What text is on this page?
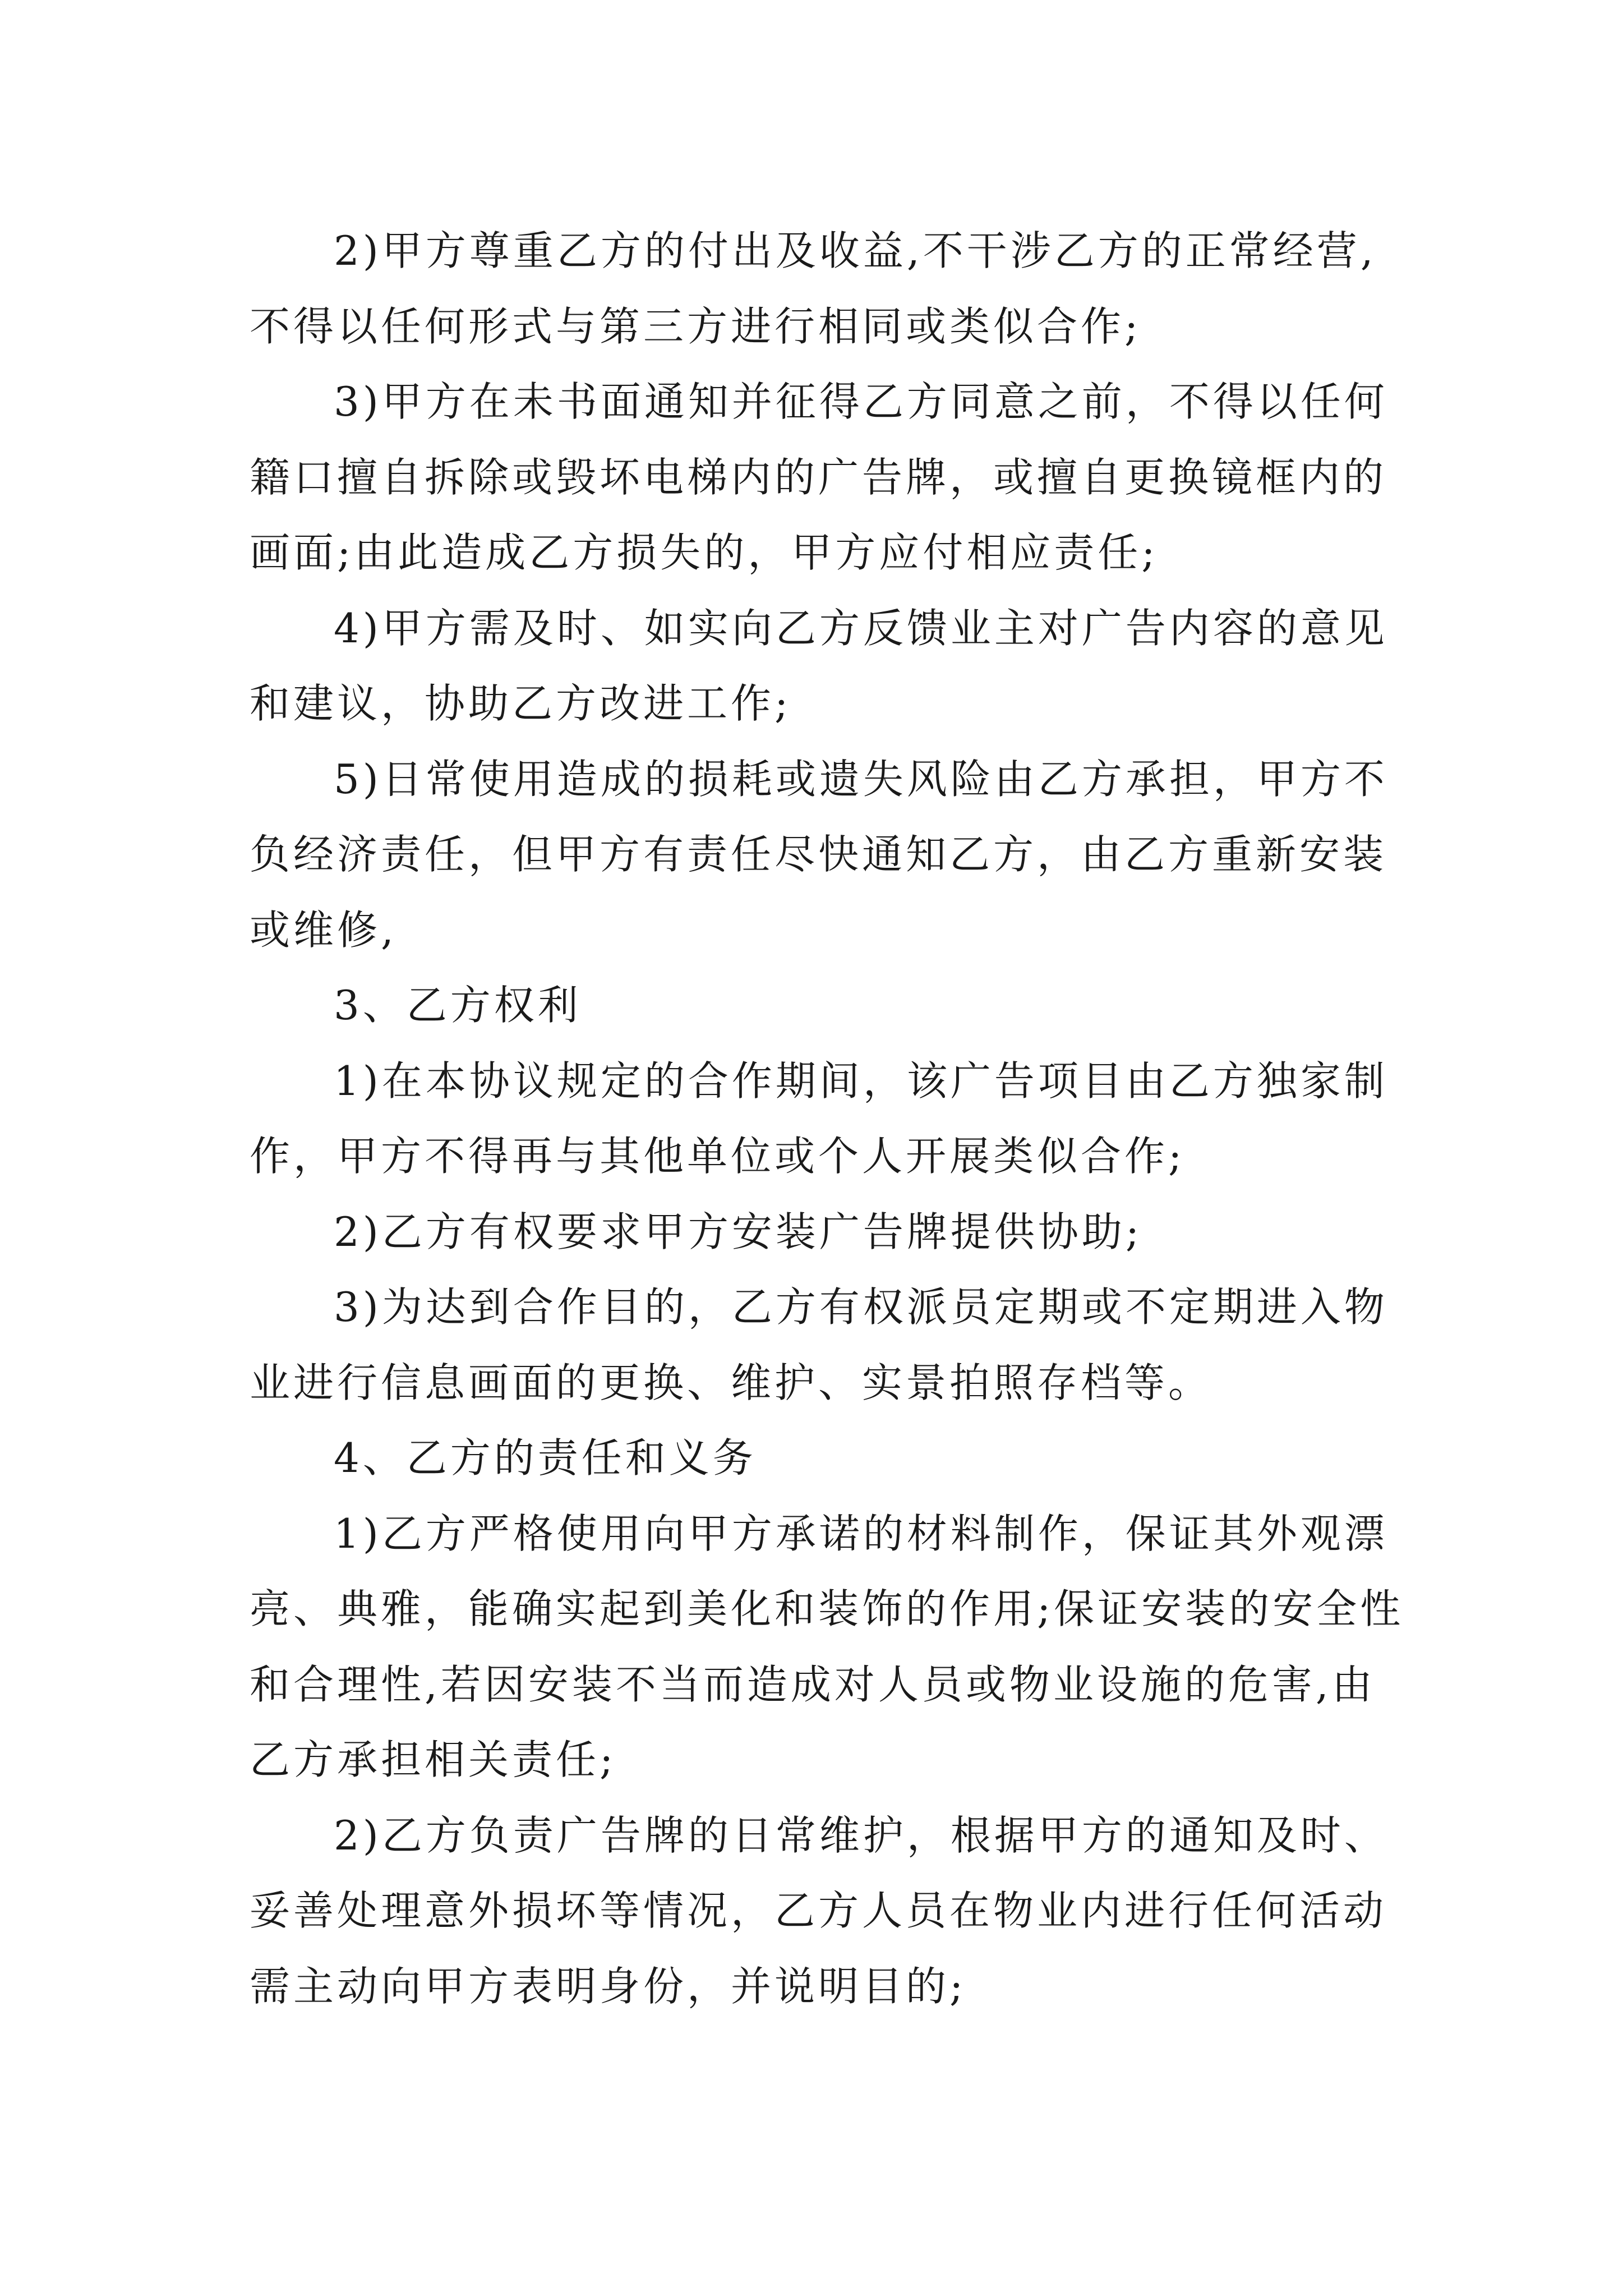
2)甲方尊重乙方的付出及收益,不干涉乙方的正常经营,不得以任何形式与第三方进行相同或类似合作;

3)甲方在未书面通知并征得乙方同意之前，不得以任何籍口擅自拆除或毁坏电梯内的广告牌，或擅自更换镜框内的画面;由此造成乙方损失的，甲方应付相应责任;

4)甲方需及时、如实向乙方反馈业主对广告内容的意见和建议，协助乙方改进工作;

5)日常使用造成的损耗或遗失风险由乙方承担，甲方不负经济责任，但甲方有责任尽快通知乙方，由乙方重新安装或维修,

3、乙方权利

1)在本协议规定的合作期间，该广告项目由乙方独家制作，甲方不得再与其他单位或个人开展类似合作;

2)乙方有权要求甲方安装广告牌提供协助;

3)为达到合作目的，乙方有权派员定期或不定期进入物业进行信息画面的更换、维护、实景拍照存档等。

4、乙方的责任和义务

1)乙方严格使用向甲方承诺的材料制作，保证其外观漂亮、典雅，能确实起到美化和装饰的作用;保证安装的安全性和合理性,若因安装不当而造成对人员或物业设施的危害,由乙方承担相关责任;

2)乙方负责广告牌的日常维护，根据甲方的通知及时、妥善处理意外损坏等情况，乙方人员在物业内进行任何活动需主动向甲方表明身份，并说明目的;
